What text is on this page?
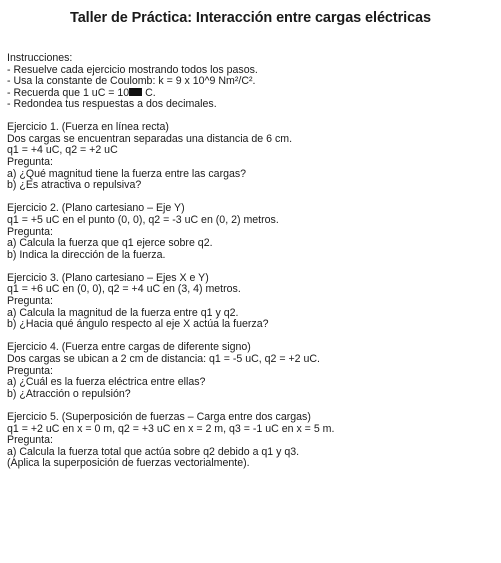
Taller de Práctica: Interacción entre cargas eléctricas
Instrucciones:
- Resuelve cada ejercicio mostrando todos los pasos.
- Usa la constante de Coulomb: k = 9 x 10^9 Nm²/C².
- Recuerda que 1 uC = 10 C.
- Redondea tus respuestas a dos decimales.
Ejercicio 1. (Fuerza en línea recta)
Dos cargas se encuentran separadas una distancia de 6 cm.
q1 = +4 uC, q2 = +2 uC
Pregunta:
a) ¿Qué magnitud tiene la fuerza entre las cargas?
b) ¿Es atractiva o repulsiva?
Ejercicio 2. (Plano cartesiano – Eje Y)
q1 = +5 uC en el punto (0, 0), q2 = -3 uC en (0, 2) metros.
Pregunta:
a) Calcula la fuerza que q1 ejerce sobre q2.
b) Indica la dirección de la fuerza.
Ejercicio 3. (Plano cartesiano – Ejes X e Y)
q1 = +6 uC en (0, 0), q2 = +4 uC en (3, 4) metros.
Pregunta:
a) Calcula la magnitud de la fuerza entre q1 y q2.
b) ¿Hacia qué ángulo respecto al eje X actúa la fuerza?
Ejercicio 4. (Fuerza entre cargas de diferente signo)
Dos cargas se ubican a 2 cm de distancia: q1 = -5 uC, q2 = +2 uC.
Pregunta:
a) ¿Cuál es la fuerza eléctrica entre ellas?
b) ¿Atracción o repulsión?
Ejercicio 5. (Superposición de fuerzas – Carga entre dos cargas)
q1 = +2 uC en x = 0 m, q2 = +3 uC en x = 2 m, q3 = -1 uC en x = 5 m.
Pregunta:
a) Calcula la fuerza total que actúa sobre q2 debido a q1 y q3.
(Aplica la superposición de fuerzas vectorialmente).
